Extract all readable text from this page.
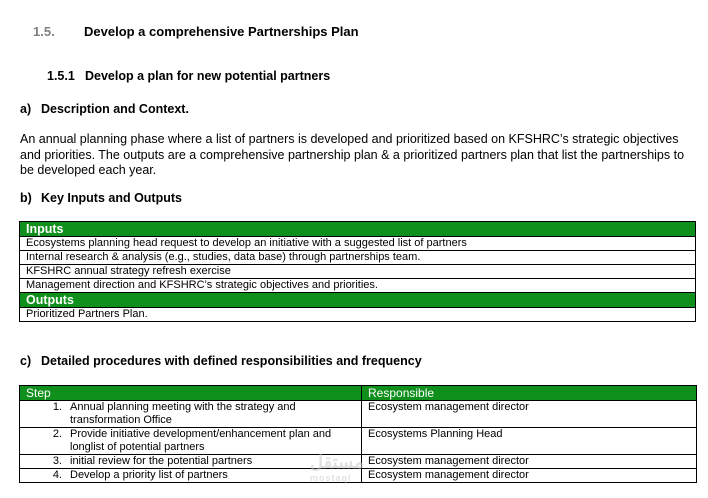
1.5. Develop a comprehensive Partnerships Plan
1.5.1 Develop a plan for new potential partners
a) Description and Context.
An annual planning phase where a list of partners is developed and prioritized based on KFSHRC’s strategic objectives and priorities. The outputs are a comprehensive partnership plan & a prioritized partners plan that list the partnerships to be developed each year.
b) Key Inputs and Outputs
Inputs
Ecosystems planning head request to develop an initiative with a suggested list of partners
Internal research & analysis (e.g., studies, data base) through partnerships team.
KFSHRC annual strategy refresh exercise
Management direction and KFSHRC’s strategic objectives and priorities.
Outputs
Prioritized Partners Plan.
c) Detailed procedures with defined responsibilities and frequency
Step	Responsible
1. Annual planning meeting with the strategy and transformation Office	Ecosystem management director
2. Provide initiative development/enhancement plan and longlist of potential partners	Ecosystems Planning Head
3. initial review for the potential partners	Ecosystem management director
4. Develop a priority list of partners	Ecosystem management director
مستقل
mostaql
